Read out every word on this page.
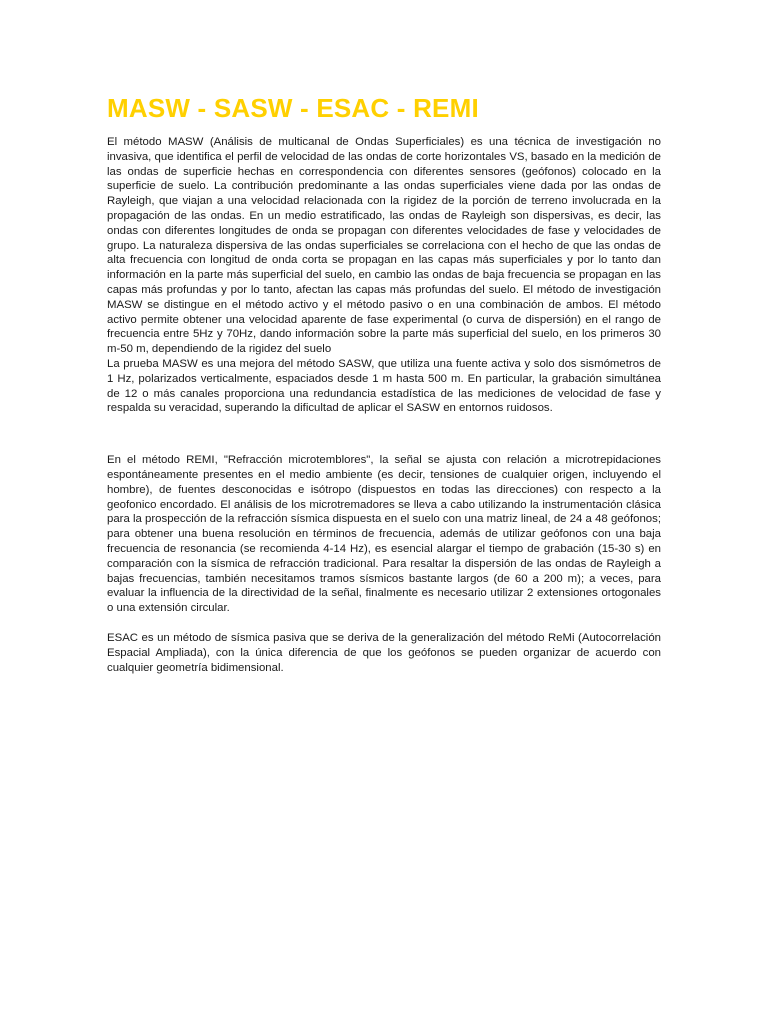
MASW - SASW - ESAC - REMI

El método MASW (Análisis de multicanal de Ondas Superficiales) es una técnica de investigación no invasiva, que identifica el perfil de velocidad de las ondas de corte horizontales VS, basado en la medición de las ondas de superficie hechas en correspondencia con diferentes sensores (geófonos) colocado en la superficie de suelo. La contribución predominante a las ondas superficiales viene dada por las ondas de Rayleigh, que viajan a una velocidad relacionada con la rigidez de la porción de terreno involucrada en la propagación de las ondas. En un medio estratificado, las ondas de Rayleigh son dispersivas, es decir, las ondas con diferentes longitudes de onda se propagan con diferentes velocidades de fase y velocidades de grupo. La naturaleza dispersiva de las ondas superficiales se correlaciona con el hecho de que las ondas de alta frecuencia con longitud de onda corta se propagan en las capas más superficiales y por lo tanto dan información en la parte más superficial del suelo, en cambio las ondas de baja frecuencia se propagan en las capas más profundas y por lo tanto, afectan las capas más profundas del suelo. El método de investigación MASW se distingue en el método activo y el método pasivo o en una combinación de ambos. El método activo permite obtener una velocidad aparente de fase experimental (o curva de dispersión) en el rango de frecuencia entre 5Hz y 70Hz, dando información sobre la parte más superficial del suelo, en los primeros 30 m-50 m, dependiendo de la rigidez del suelo

La prueba MASW es una mejora del método SASW, que utiliza una fuente activa y solo dos sismómetros de 1 Hz, polarizados verticalmente, espaciados desde 1 m hasta 500 m. En particular, la grabación simultánea de 12 o más canales proporciona una redundancia estadística de las mediciones de velocidad de fase y respalda su veracidad, superando la dificultad de aplicar el SASW en entornos ruidosos.

En el método REMI, "Refracción microtemblores", la señal se ajusta con relación a microtrepidaciones espontáneamente presentes en el medio ambiente (es decir, tensiones de cualquier origen, incluyendo el hombre), de fuentes desconocidas e isótropo (dispuestos en todas las direcciones) con respecto a la geofonico encordado. El análisis de los microtremadores se lleva a cabo utilizando la instrumentación clásica para la prospección de la refracción sísmica dispuesta en el suelo con una matriz lineal, de 24 a 48 geófonos; para obtener una buena resolución en términos de frecuencia, además de utilizar geófonos con una baja frecuencia de resonancia (se recomienda 4-14 Hz), es esencial alargar el tiempo de grabación (15-30 s) en comparación con la sísmica de refracción tradicional. Para resaltar la dispersión de las ondas de Rayleigh a bajas frecuencias, también necesitamos tramos sísmicos bastante largos (de 60 a 200 m); a veces, para evaluar la influencia de la directividad de la señal, finalmente es necesario utilizar 2 extensiones ortogonales o una extensión circular.

ESAC es un método de sísmica pasiva que se deriva de la generalización del método ReMi (Autocorrelación Espacial Ampliada), con la única diferencia de que los geófonos se pueden organizar de acuerdo con cualquier geometría bidimensional.
